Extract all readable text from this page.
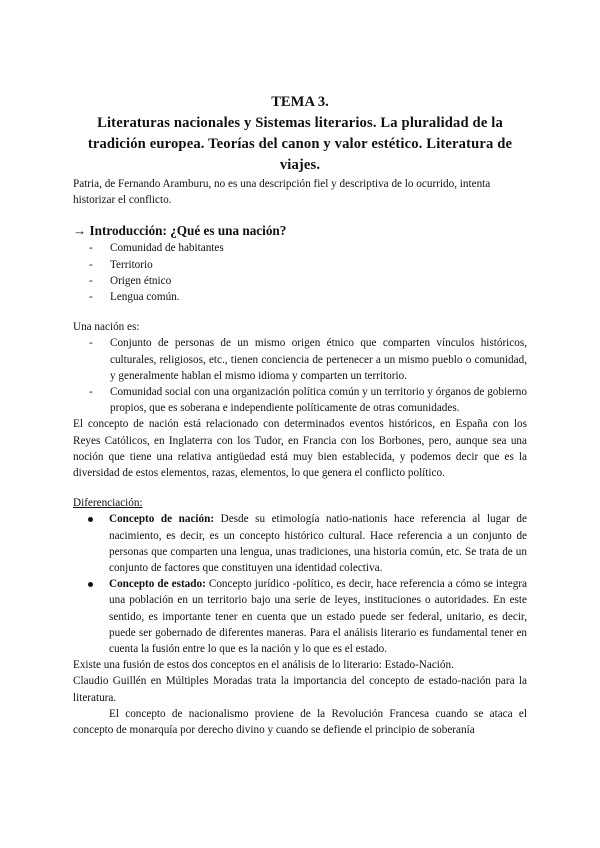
TEMA 3.

Literaturas nacionales y Sistemas literarios. La pluralidad de la tradición europea. Teorías del canon y valor estético. Literatura de viajes.

Patria, de Fernando Aramburu, no es una descripción fiel y descriptiva de lo ocurrido, intenta historizar el conflicto.

→ Introducción: ¿Qué es una nación?

- Comunidad de habitantes
- Territorio
- Origen étnico
- Lengua común.

Una nación es:

- Conjunto de personas de un mismo origen étnico que comparten vínculos históricos, culturales, religiosos, etc., tienen conciencia de pertenecer a un mismo pueblo o comunidad, y generalmente hablan el mismo idioma y comparten un territorio.
- Comunidad social con una organización política común y un territorio y órganos de gobierno propios, que es soberana e independiente políticamente de otras comunidades.

El concepto de nación está relacionado con determinados eventos históricos, en España con los Reyes Católicos, en Inglaterra con los Tudor, en Francia con los Borbones, pero, aunque sea una noción que tiene una relativa antigüedad está muy bien establecida, y podemos decir que es la diversidad de estos elementos, razas, elementos, lo que genera el conflicto político.

Diferenciación:

Concepto de nación: Desde su etimología natio-nationis hace referencia al lugar de nacimiento, es decir, es un concepto histórico cultural. Hace referencia a un conjunto de personas que comparten una lengua, unas tradiciones, una historia común, etc. Se trata de un conjunto de factores que constituyen una identidad colectiva.
Concepto de estado: Concepto jurídico -político, es decir, hace referencia a cómo se integra una población en un territorio bajo una serie de leyes, instituciones o autoridades. En este sentido, es importante tener en cuenta que un estado puede ser federal, unitario, es decir, puede ser gobernado de diferentes maneras. Para el análisis literario es fundamental tener en cuenta la fusión entre lo que es la nación y lo que es el estado.

Existe una fusión de estos dos conceptos en el análisis de lo literario: Estado-Nación.

Claudio Guillén en Múltiples Moradas trata la importancia del concepto de estado-nación para la literatura.

El concepto de nacionalismo proviene de la Revolución Francesa cuando se ataca el concepto de monarquía por derecho divino y cuando se defiende el principio de soberanía
